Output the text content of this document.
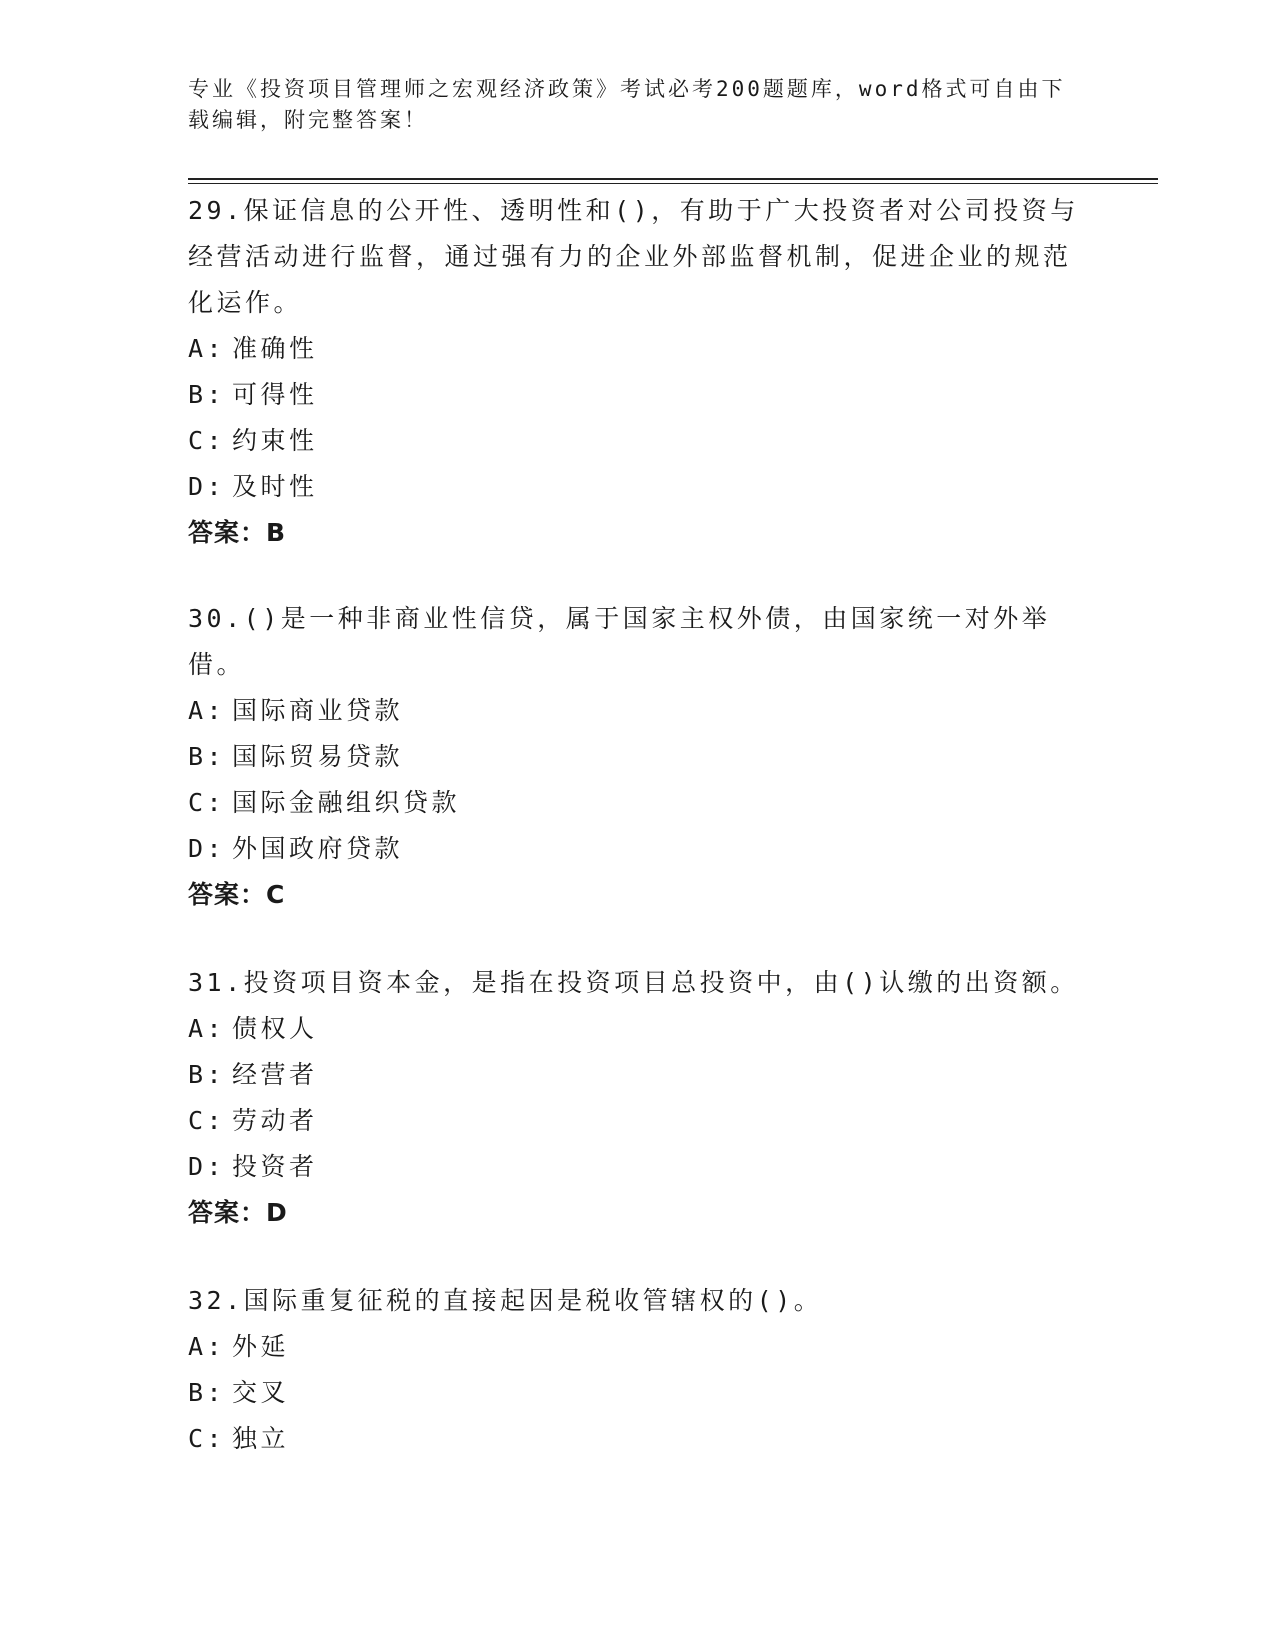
专业《投资项目管理师之宏观经济政策》考试必考200题题库，word格式可自由下载编辑，附完整答案！
29.保证信息的公开性、透明性和()，有助于广大投资者对公司投资与经营活动进行监督，通过强有力的企业外部监督机制，促进企业的规范化运作。
A: 准确性
B: 可得性
C: 约束性
D: 及时性
答案：B
30.()是一种非商业性信贷，属于国家主权外债，由国家统一对外举借。
A: 国际商业贷款
B: 国际贸易贷款
C: 国际金融组织贷款
D: 外国政府贷款
答案：C
31.投资项目资本金，是指在投资项目总投资中，由()认缴的出资额。
A: 债权人
B: 经营者
C: 劳动者
D: 投资者
答案：D
32.国际重复征税的直接起因是税收管辖权的()。
A: 外延
B: 交叉
C: 独立
